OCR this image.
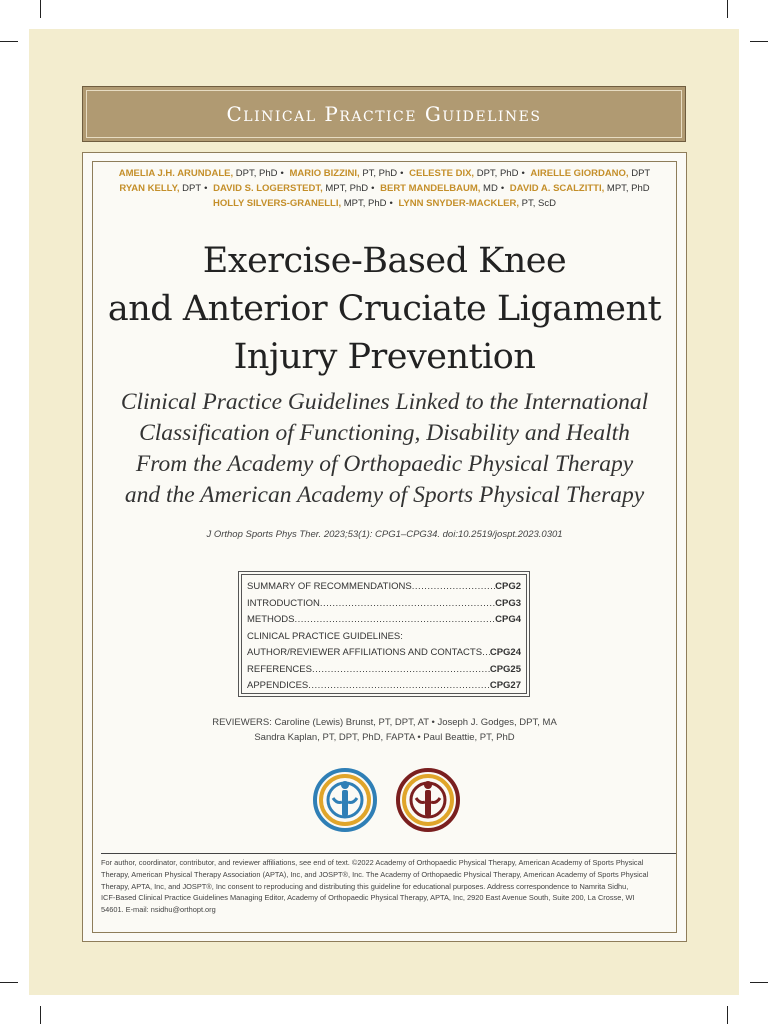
Clinical Practice Guidelines
AMELIA J.H. ARUNDALE, DPT, PhD • MARIO BIZZINI, PT, PhD • CELESTE DIX, DPT, PhD • AIRELLE GIORDANO, DPT
RYAN KELLY, DPT • DAVID S. LOGERSTEDT, MPT, PhD • BERT MANDELBAUM, MD • DAVID A. SCALZITTI, MPT, PhD
HOLLY SILVERS-GRANELLI, MPT, PhD • LYNN SNYDER-MACKLER, PT, ScD
Exercise-Based Knee
and Anterior Cruciate Ligament
Injury Prevention
Clinical Practice Guidelines Linked to the International
Classification of Functioning, Disability and Health
From the Academy of Orthopaedic Physical Therapy
and the American Academy of Sports Physical Therapy
J Orthop Sports Phys Ther. 2023;53(1): CPG1–CPG34. doi:10.2519/jospt.2023.0301
SUMMARY OF RECOMMENDATIONS .....	CPG2
INTRODUCTION .....	CPG3
METHODS .....	CPG4
CLINICAL PRACTICE GUIDELINES:
AUTHOR/REVIEWER AFFILIATIONS AND CONTACTS ..... CPG24
REFERENCES .....	CPG25
APPENDICES .....	CPG27
REVIEWERS: Caroline (Lewis) Brunst, PT, DPT, AT • Joseph J. Godges, DPT, MA
Sandra Kaplan, PT, DPT, PhD, FAPTA • Paul Beattie, PT, PhD
For author, coordinator, contributor, and reviewer affiliations, see end of text. ©2022 Academy of Orthopaedic Physical Therapy, American Academy of Sports Physical
Therapy, American Physical Therapy Association (APTA), Inc, and JOSPT®, Inc. The Academy of Orthopaedic Physical Therapy, American Academy of Sports Physical
Therapy, APTA, Inc, and JOSPT®, Inc consent to reproducing and distributing this guideline for educational purposes. Address correspondence to Namrita Sidhu,
ICF-Based Clinical Practice Guidelines Managing Editor, Academy of Orthopaedic Physical Therapy, APTA, Inc, 2920 East Avenue South, Suite 200, La Crosse, WI
54601. E-mail: nsidhu@orthopt.org
